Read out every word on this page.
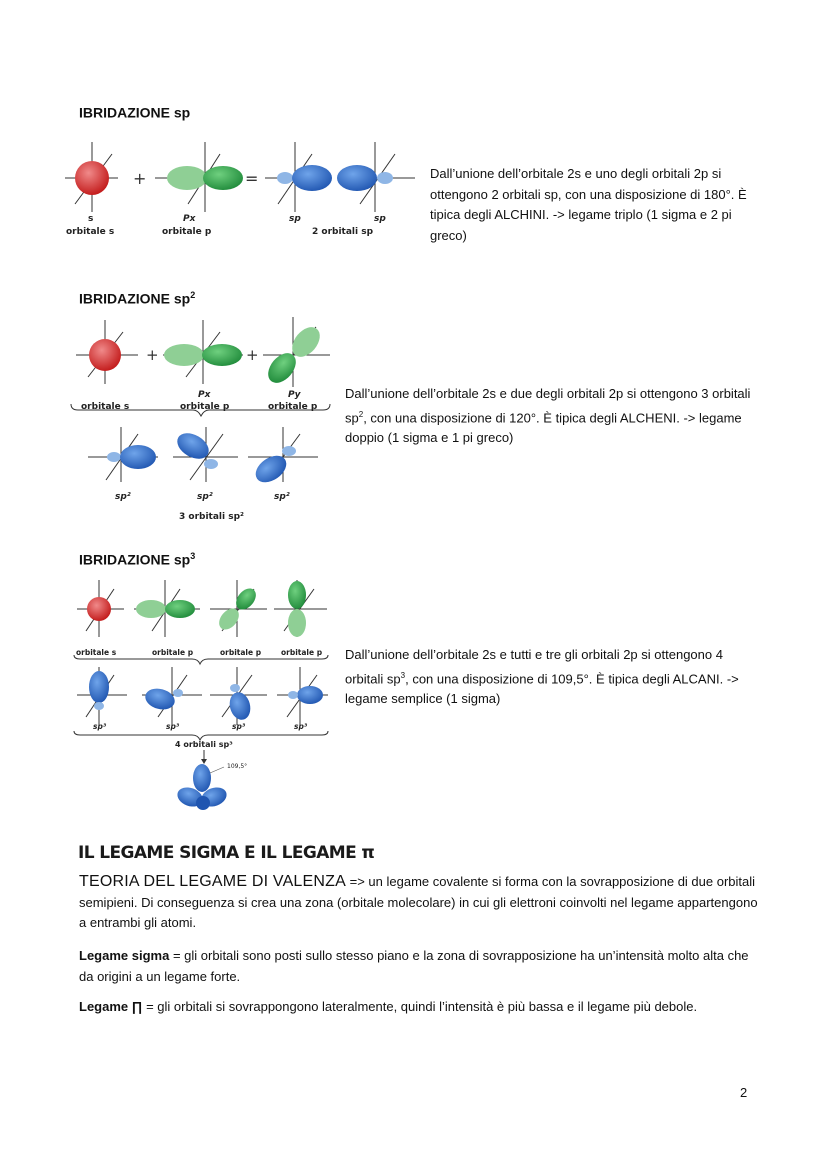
IBRIDAZIONE sp
+	=
s	Px	sp	sp
orbitale s	orbitale p	2 orbitali sp
Dall’unione dell’orbitale 2s e uno degli orbitali 2p si ottengono 2 orbitali sp, con una disposizione di 180°. È tipica degli ALCHINI. -> legame triplo (1 sigma e 2 pi greco)
IBRIDAZIONE $sp^2$
+	+
Px	Py
orbitale s	orbitale p	orbitale p
sp²	sp²	sp²
3 orbitali sp²
Dall’unione dell’orbitale 2s e due degli orbitali 2p si ottengono 3 orbitali $sp^2$, con una disposizione di 120°. È tipica degli ALCHENI. -> legame doppio (1 sigma e 1 pi greco)
IBRIDAZIONE $sp^3$
orbitale s	orbitale p	orbitale p	orbitale p
sp³	sp³	sp³	sp³
4 orbitali sp³
109,5°
Dall’unione dell’orbitale 2s e tutti e tre gli orbitali 2p si ottengono 4 orbitali $sp^3$, con una disposizione di 109,5°. È tipica degli ALCANI. -> legame semplice (1 sigma)
IL LEGAME SIGMA E IL LEGAME π
TEORIA DEL LEGAME DI VALENZA => un legame covalente si forma con la sovrapposizione di due orbitali semipieni. Di conseguenza si crea una zona (orbitale molecolare) in cui gli elettroni coinvolti nel legame appartengono a entrambi gli atomi.
Legame sigma = gli orbitali sono posti sullo stesso piano e la zona di sovrapposizione ha un’intensità molto alta che da origini a un legame forte.
Legame ∏ = gli orbitali si sovrappongono lateralmente, quindi l’intensità è più bassa e il legame più debole.
2
